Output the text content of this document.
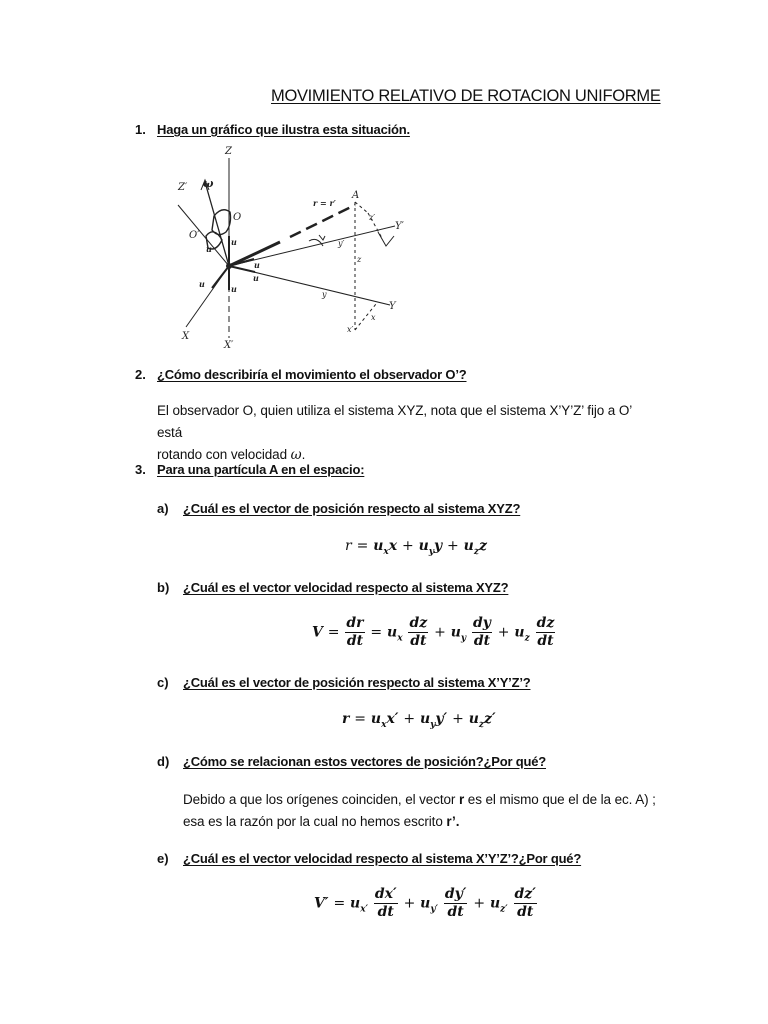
MOVIMIENTO RELATIVO DE ROTACION UNIFORME
1. Haga un gráfico que ilustra esta situación.
Z
ω
Z′
O
O′
X
X′
Y
Y′
A
r = r′
u
u
u
u
u
u
y
y′
z
z′
x
x′
2. ¿Cómo describiría el movimiento el observador O’?
El observador O, quien utiliza el sistema XYZ, nota que el sistema X’Y’Z’ fijo a O’ está
rotando con velocidad ω.
3. Para una partícula A en el espacio:
a) ¿Cuál es el vector de posición respecto al sistema XYZ?
$r = u_xx + u_yy + u_zz$
b) ¿Cuál es el vector velocidad respecto al sistema XYZ?
$V = \frac{dr}{dt} = u_x \frac{dz}{dt} + u_y \frac{dy}{dt} + u_z \frac{dz}{dt}$
c) ¿Cuál es el vector de posición respecto al sistema X’Y’Z’?
$r = u_xx' + u_yy' + u_zz'$
d) ¿Cómo se relacionan estos vectores de posición?¿Por qué?
Debido a que los orígenes coinciden, el vector r es el mismo que el de la ec. A) ;
esa es la razón por la cual no hemos escrito r’.
e) ¿Cuál es el vector velocidad respecto al sistema X’Y’Z’?¿Por qué?
$V' = u_{x'} \frac{dx'}{dt} + u_{y'} \frac{dy'}{dt} + u_{z'} \frac{dz'}{dt}$
